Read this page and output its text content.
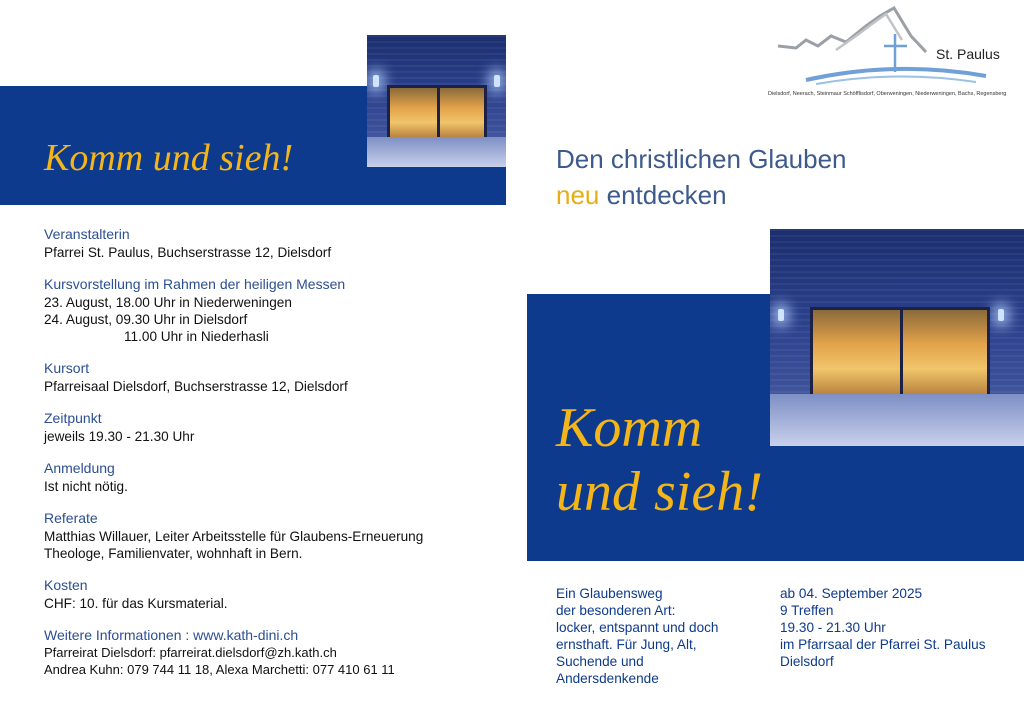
Komm und sieh!
Veranstalterin
Pfarrei St. Paulus, Buchserstrasse 12, Dielsdorf
Kursvorstellung im Rahmen der heiligen Messen
23. August, 18.00 Uhr in Niederweningen
24. August, 09.30 Uhr in Dielsdorf
11.00 Uhr in Niederhasli
Kursort
Pfarreisaal Dielsdorf, Buchserstrasse 12, Dielsdorf
Zeitpunkt
jeweils 19.30 - 21.30 Uhr
Anmeldung
Ist nicht nötig.
Referate
Matthias Willauer, Leiter Arbeitsstelle für Glaubens-Erneuerung
Theologe, Familienvater, wohnhaft in Bern.
Kosten
CHF: 10. für das Kursmaterial.
Weitere Informationen : www.kath-dini.ch
Pfarreirat Dielsdorf: pfarreirat.dielsdorf@zh.kath.ch
Andrea Kuhn: 079 744 11 18, Alexa Marchetti: 077 410 61 11
St. Paulus
Dielsdorf, Neerach, Steinmaur Schöfflisdorf, Oberweningen, Niederweningen, Bachs, Regensberg
Den christlichen Glauben
neu entdecken
Komm
und sieh!
Ein Glaubensweg
der besonderen Art:
locker, entspannt und doch
ernsthaft. Für Jung, Alt,
Suchende und
Andersdenkende
ab 04. September 2025
9 Treffen
19.30 - 21.30 Uhr
im Pfarrsaal der Pfarrei St. Paulus
Dielsdorf
